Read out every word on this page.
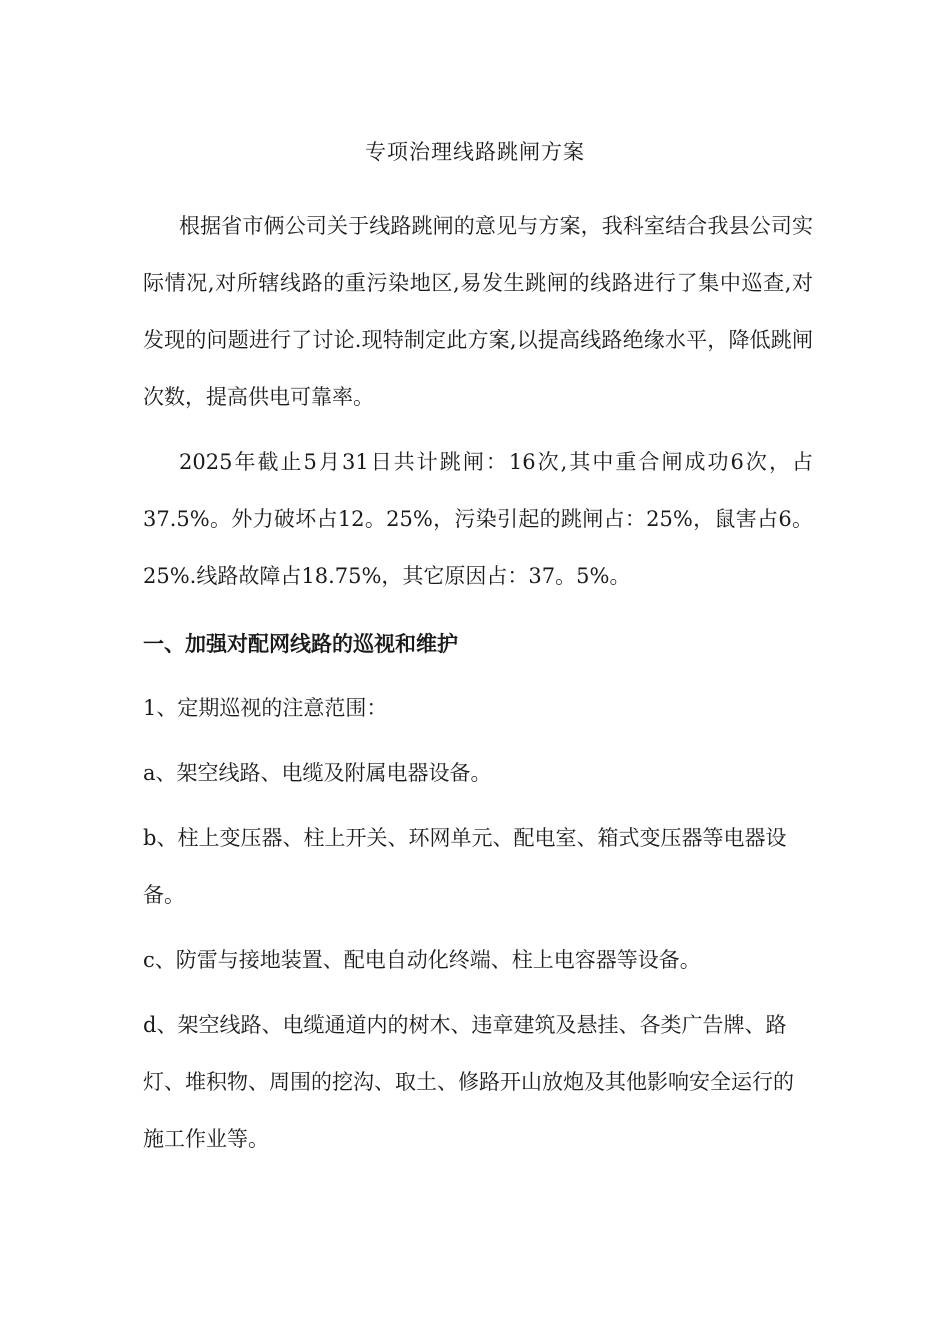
专项治理线路跳闸方案

根据省市俩公司关于线路跳闸的意见与方案，我科室结合我县公司实际情况,对所辖线路的重污染地区,易发生跳闸的线路进行了集中巡查,对发现的问题进行了讨论.现特制定此方案,以提高线路绝缘水平，降低跳闸次数，提高供电可靠率。

2025年截止5月31日共计跳闸：16次,其中重合闸成功6次，占37.5%。外力破坏占12。25%，污染引起的跳闸占：25%，鼠害占6。25%.线路故障占18.75%，其它原因占：37。5%。

一、加强对配网线路的巡视和维护
1、定期巡视的注意范围：
a、架空线路、电缆及附属电器设备。
b、柱上变压器、柱上开关、环网单元、配电室、箱式变压器等电器设备。
c、防雷与接地装置、配电自动化终端、柱上电容器等设备。
d、架空线路、电缆通道内的树木、违章建筑及悬挂、各类广告牌、路灯、堆积物、周围的挖沟、取土、修路开山放炮及其他影响安全运行的施工作业等。
